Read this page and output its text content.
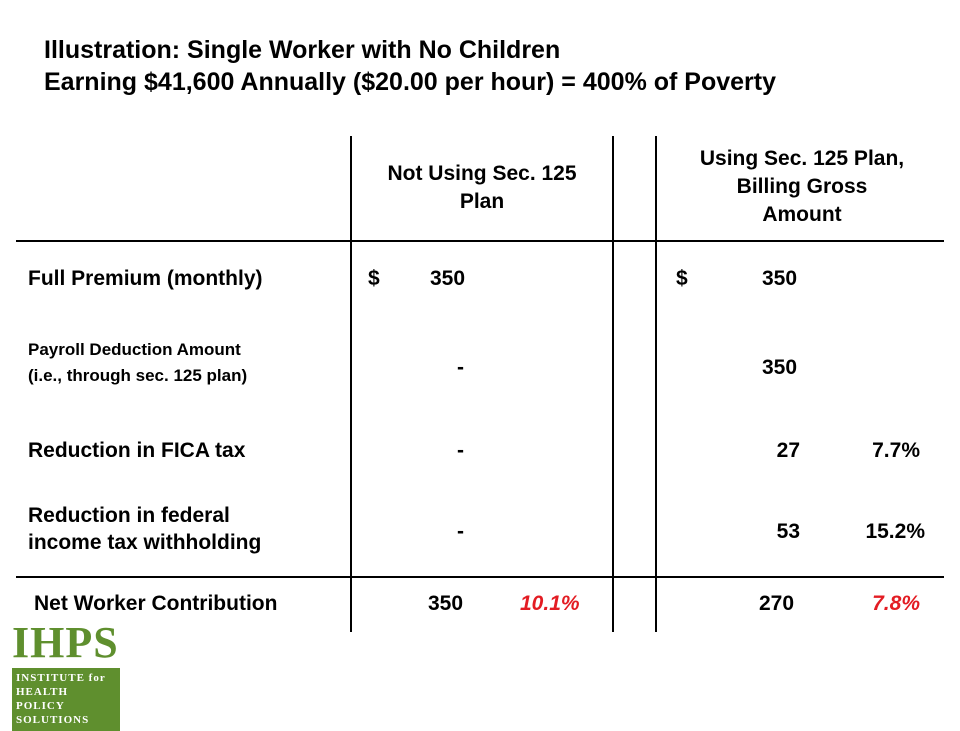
Illustration: Single Worker with No Children
Earning $41,600 Annually ($20.00 per hour) = 400% of Poverty
Not Using Sec. 125
Plan
Using Sec. 125 Plan,
Billing Gross
Amount
Full Premium (monthly)	$ 350	$	350
Payroll Deduction Amount
(i.e., through sec. 125 plan)	-	350
Reduction in FICA tax	-	27	7.7%
Reduction in federal
income tax withholding	-	53	15.2%
Net Worker Contribution	350	10.1%	270	7.8%
IHPS
INSTITUTE for
HEALTH POLICY
SOLUTIONS
